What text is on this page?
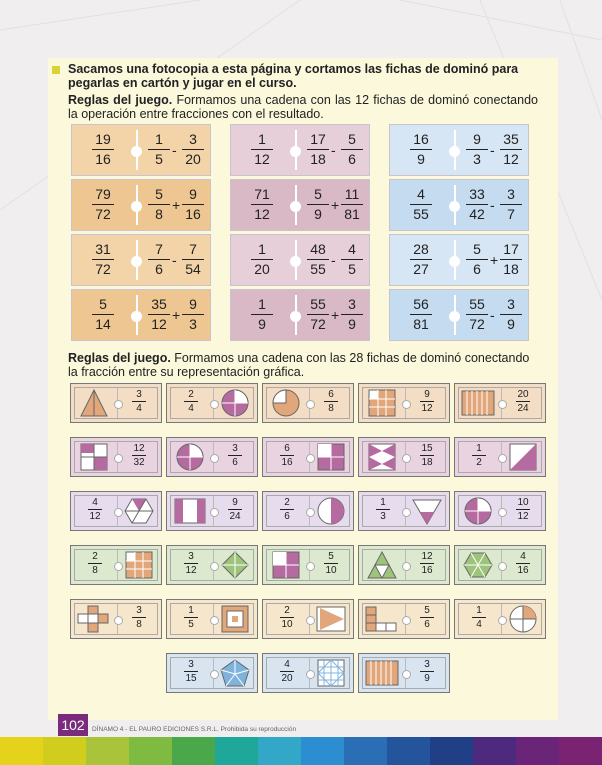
Sacamos una fotocopia a esta página y cortamos las fichas de dominó para pegarlas en cartón y jugar en el curso.
Reglas del juego. Formamos una cadena con las 12 fichas de dominó conectando la operación entre fracciones con el resultado.
19
16
1
5
-
3
20
79
72
5
8
+
9
16
31
72
7
6
-
7
54
5
14
35
12
+
9
3
1
12
17
18
-
5
6
71
12
5
9
+
11
81
1
20
48
55
-
4
5
1
9
55
72
+
3
9
16
9
9
3
-
35
12
4
55
33
42
-
3
7
28
27
5
6
+
17
18
56
81
55
72
-
3
9
Reglas del juego. Formamos una cadena con las 28 fichas de dominó conectando la fracción entre su representación gráfica.
3
4
2
4
6
8
9
12
20
24
12
32
3
6
6
16
15
18
1
2
4
12
9
24
2
6
1
3
10
12
2
8
3
12
5
10
12
16
4
16
3
8
1
5
2
10
5
6
1
4
3
15
4
20
3
9
102	DÍNAMO 4 - EL PAURO EDICIONES S.R.L. Prohibida su reproducción
